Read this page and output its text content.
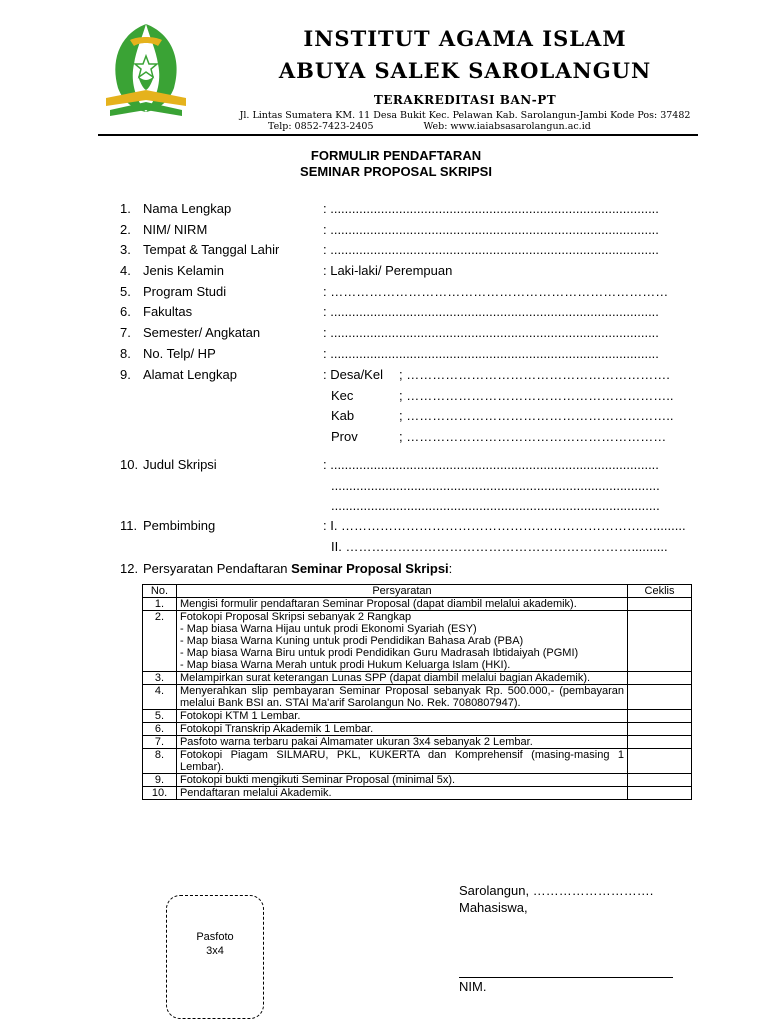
INSTITUT AGAMA ISLAM
ABUYA SALEK SAROLANGUN
TERAKREDITASI BAN-PT
Jl. Lintas Sumatera KM. 11 Desa Bukit Kec. Pelawan Kab. Sarolangun-Jambi Kode Pos: 37482
Telp: 0852-7423-2405	Web: www.iaiabsasarolangun.ac.id
FORMULIR PENDAFTARAN
SEMINAR PROPOSAL SKRIPSI
1. Nama Lengkap	: ...........................................................................................
2. NIM/ NIRM	: ...........................................................................................
3. Tempat & Tanggal Lahir	: ...........................................................................................
4. Jenis Kelamin	: Laki-laki/ Perempuan
5. Program Studi	: ……………………………………………………………………
6. Fakultas	: ...........................................................................................
7. Semester/ Angkatan	: ...........................................................................................
8. No. Telp/ HP	: ...........................................................................................
9. Alamat Lengkap	: Desa/Kel ; …………………………………………………….
Kec	; ……………………………………………………..
Kab	; ……………………………………………………..
Prov	; ……………………………………………………
10. Judul Skripsi	: ...........................................................................................
...........................................................................................
...........................................................................................
11. Pembimbing	: I. ……………………………………………………………….........
II. …………………………………………………………..........
12. Persyaratan Pendaftaran Seminar Proposal Skripsi:
No.	Persyaratan	Ceklis
1.	Mengisi formulir pendaftaran Seminar Proposal (dapat diambil melalui akademik).	

2.	Fotokopi Proposal Skripsi sebanyak 2 Rangkap
- Map biasa Warna Hijau untuk prodi Ekonomi Syariah (ESY)
- Map biasa Warna Kuning untuk prodi Pendidikan Bahasa Arab (PBA)
- Map biasa Warna Biru untuk prodi Pendidikan Guru Madrasah Ibtidaiyah (PGMI)
- Map biasa Warna Merah untuk prodi Hukum Keluarga Islam (HKI).	

3.	Melampirkan surat keterangan Lunas SPP (dapat diambil melalui bagian Akademik).	

4.	Menyerahkan slip pembayaran Seminar Proposal sebanyak Rp. 500.000,- (pembayaran melalui Bank BSI an. STAI Ma'arif Sarolangun No. Rek. 7080807947).	

5.	Fotokopi KTM 1 Lembar.	

6.	Fotokopi Transkrip Akademik 1 Lembar.	

7.	Pasfoto warna terbaru pakai Almamater ukuran 3x4 sebanyak 2 Lembar.	

8.	Fotokopi Piagam SILMARU, PKL, KUKERTA dan Komprehensif (masing-masing 1 Lembar).	

9.	Fotokopi bukti mengikuti Seminar Proposal (minimal 5x).	

10.	Pendaftaran melalui Akademik.	

Sarolangun, ……………………….
Mahasiswa,
NIM.
Pasfoto
3x4
